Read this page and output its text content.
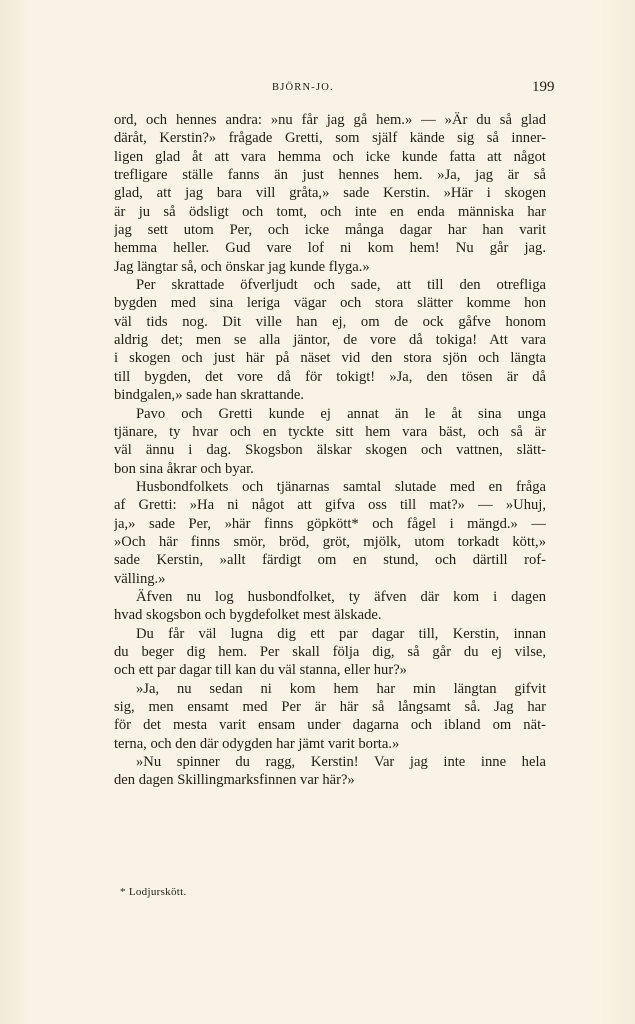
BJÖRN-JO.	199
ord, och hennes andra: »nu får jag gå hem.» — »Är du så glad
däråt, Kerstin?» frågade Gretti, som själf kände sig så inner-
ligen glad åt att vara hemma och icke kunde fatta att något
trefligare ställe fanns än just hennes hem. »Ja, jag är så
glad, att jag bara vill gråta,» sade Kerstin. »Här i skogen
är ju så ödsligt och tomt, och inte en enda människa har
jag sett utom Per, och icke många dagar har han varit
hemma heller. Gud vare lof ni kom hem! Nu går jag.
Jag längtar så, och önskar jag kunde flyga.»
Per skrattade öfverljudt och sade, att till den otrefliga
bygden med sina leriga vägar och stora slätter komme hon
väl tids nog. Dit ville han ej, om de ock gåfve honom
aldrig det; men se alla jäntor, de vore då tokiga! Att vara
i skogen och just här på näset vid den stora sjön och längta
till bygden, det vore då för tokigt! »Ja, den tösen är då
bindgalen,» sade han skrattande.
Pavo och Gretti kunde ej annat än le åt sina unga
tjänare, ty hvar och en tyckte sitt hem vara bäst, och så är
väl ännu i dag. Skogsbon älskar skogen och vattnen, slätt-
bon sina åkrar och byar.
Husbondfolkets och tjänarnas samtal slutade med en fråga
af Gretti: »Ha ni något att gifva oss till mat?» — »Uhuj,
ja,» sade Per, »här finns göpkött* och fågel i mängd.» —
»Och här finns smör, bröd, gröt, mjölk, utom torkadt kött,»
sade Kerstin, »allt färdigt om en stund, och därtill rof-
välling.»
Äfven nu log husbondfolket, ty äfven där kom i dagen
hvad skogsbon och bygdefolket mest älskade.
Du får väl lugna dig ett par dagar till, Kerstin, innan
du beger dig hem. Per skall följa dig, så går du ej vilse,
och ett par dagar till kan du väl stanna, eller hur?»
»Ja, nu sedan ni kom hem har min längtan gifvit
sig, men ensamt med Per är här så långsamt så. Jag har
för det mesta varit ensam under dagarna och ibland om nät-
terna, och den där odygden har jämt varit borta.»
»Nu spinner du ragg, Kerstin! Var jag inte inne hela
den dagen Skillingmarksfinnen var här?»
* Lodjurskött.
